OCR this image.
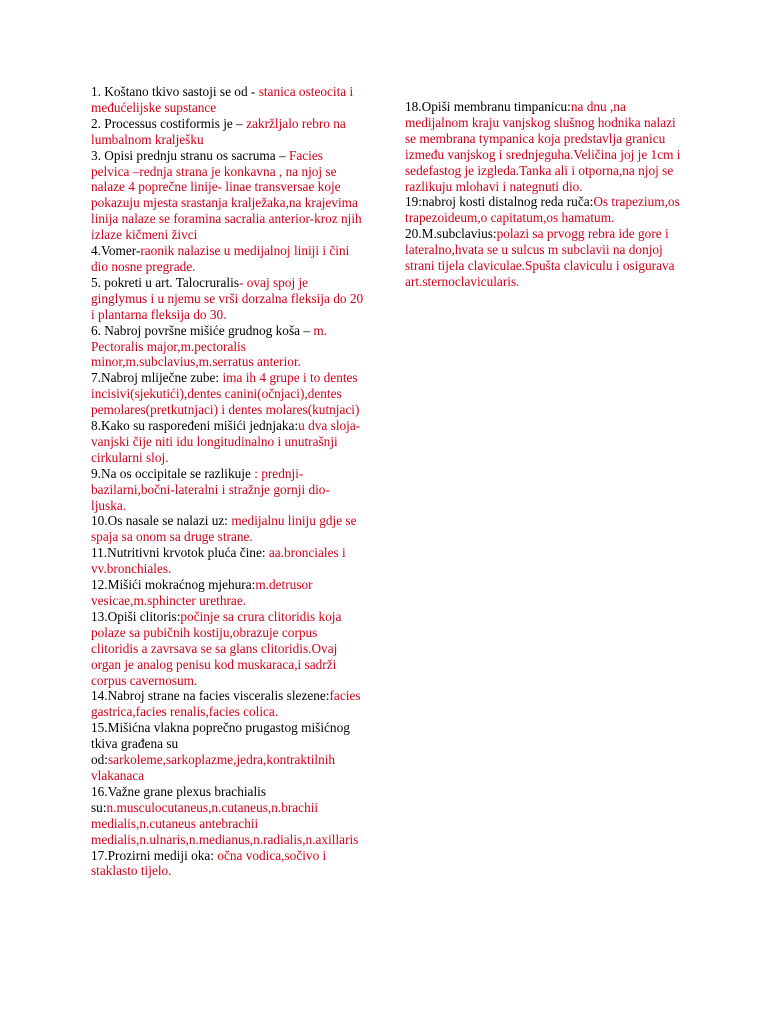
1. Koštano tkivo sastoji se od - stanica osteocita i međućelijske supstance

2. Processus costiformis je – zakržljalo rebro na lumbalnom kralješku

3. Opisi prednju stranu os sacruma – Facies pelvica –rednja strana je konkavna , na njoj se nalaze 4 poprečne linije- linae transversae koje pokazuju mjesta srastanja kralježaka,na krajevima linija nalaze se foramina sacralia anterior-kroz njih izlaze kičmeni živci

4.Vomer-raonik nalazise u medijalnoj liniji i čini dio nosne pregrade.

5. pokreti u art. Talocruralis- ovaj spoj je ginglymus i u njemu se vrši dorzalna fleksija do 20 i plantarna fleksija do 30.

6. Nabroj površne mišiće grudnog koša – m. Pectoralis major,m.pectoralis minor,m.subclavius,m.serratus anterior.

7.Nabroj mliječne zube: ima ih 4 grupe i to dentes incisivi(sjekutići),dentes canini(očnjaci),dentes pemolares(pretkutnjaci) i dentes molares(kutnjaci)

8.Kako su raspoređeni mišići jednjaka:u dva sloja-vanjski čije niti idu longitudinalno i unutrašnji cirkularni sloj.

9.Na os occipitale se razlikuje : prednji-bazilarni,bočni-lateralni i stražnje gornji dio-ljuska.

10.Os nasale se nalazi uz: medijalnu liniju gdje se spaja sa onom sa druge strane.

11.Nutritivni krvotok pluća čine: aa.bronciales i vv.bronchiales.

12.Mišići mokraćnog mjehura:m.detrusor vesicae,m.sphincter urethrae.

13.Opiši clitoris:počinje sa crura clitoridis koja polaze sa pubičnih kostiju,obrazuje corpus clitoridis a zavrsava se sa glans clitoridis.Ovaj organ je analog penisu kod muskaraca,i sadrži corpus cavernosum.

14.Nabroj strane na facies visceralis slezene:facies gastrica,facies renalis,facies colica.

15.Mišićna vlakna poprečno prugastog mišićnog tkiva građena su od:sarkoleme,sarkoplazme,jedra,kontraktilnih vlakanaca

16.Važne grane plexus brachialis su:n.musculocutaneus,n.cutaneus,n.brachii medialis,n.cutaneus antebrachii medialis,n.ulnaris,n.medianus,n.radialis,n.axillaris

17.Prozirni mediji oka: očna vodica,sočivo i staklasto tijelo.

18.Opiši membranu timpanicu:na dnu ,na medijalnom kraju vanjskog slušnog hodnika nalazi se membrana tympanica koja predstavlja granicu između vanjskog i srednjeguha.Veličina joj je 1cm i sedefastog je izgleda.Tanka ali i otporna,na njoj se razlikuju mlohavi i nategnuti dio.

19:nabroj kosti distalnog reda ruča:Os trapezium,os trapezoideum,o capitatum,os hamatum.

20.M.subclavius:polazi sa prvogg rebra ide gore i lateralno,hvata se u sulcus m subclavii na donjoj strani tijela claviculae.Spušta claviculu i osigurava art.sternoclavicularis.
